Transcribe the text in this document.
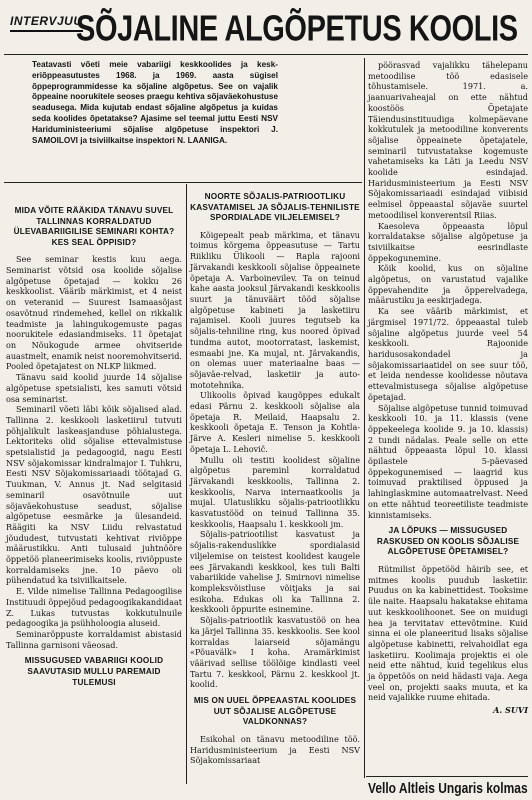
INTERVJUU
SÕJALINE ALGÕPETUS KOOLIS
Teatavasti võeti meie vabariigi keskkoolides ja kesk-eriõppeasutustes 1968. ja 1969. aasta sügisel õppeprogrammidesse ka sõjaline algõpetus. See on vajalik õppeaine noorukitele seoses praegu kehtiva sõjaväekohustuse seadusega. Mida kujutab endast sõjaline algõpetus ja kuidas seda koolides õpetatakse? Ajasime sel teemal juttu Eesti NSV Hariduministeeriumi sõjalise algõpetuse inspektori J. SAMOILOVI ja tsiviilkaitse inspektori N. LAANIGA.
MIDA VÕITE RÄÄKIDA TÄNAVU SUVEL TALLINNAS KORRALDATUD ÜLEVABARIIGILISE SEMINARI KOHTA? KES SEAL ÕPPISID?

See seminar kestis kuu aega. Seminarist võtsid osa koolide sõjalise algõpetuse õpetajad — kokku 26 keskkoolist. Väärib märkimist, et 4 neist on veteranid — Suurest Isamaasõjast osavõtnud rindemehed, kellel on rikkalik teadmiste ja lahingukogemuste pagas noorukitele edasiandmiseks. 11 õpetajat on Nõukogude armee ohvitseride auastmelt, enamik neist nooremohvitserid. Pooled õpetajatest on NLKP liikmed.

Tänavu said koolid juurde 14 sõjalise algõpetuse spetsialisti, kes samuti võtsid osa seminarist.

Seminaril võeti läbi kõik sõjalised alad. Tallinna 2. keskkooli lasketiirul tutvuti põhjalikult laskeasjanduse põhialustega. Lektoriteks olid sõjalise ettevalmistuse spetsialistid ja pedagoogid, nagu Eesti NSV sõjakomissar kindralmajor I. Tuhkru, Eesti NSV Sõjakomissariaadi töötajad G. Tuukman, V. Annus jt. Nad selgitasid seminaril osavõtnuile uut sõjaväekohustuse seadust, sõjalise algõpetuse eesmärke ja ülesandeid. Räägiti ka NSV Liidu relvastatud jõududest, tutvustati kehtivat riviõppe määrustikku. Anti tulusaid juhtnööre õppetöö planeerimiseks koolis, riviõppuste korraldamiseks jne. 10 päevo oli pühendatud ka tsiviilkaitsele.

E. Vilde nimelise Tallinna Pedagoogilise Instituudi õppejõud pedagoogikakandidaat Z. Lukas tutvustas kokkutulnuile pedagoogika ja psühholoogia aluseid.

Seminaröppuste korraldamist abistasid Tallinna garnisoni väeosad.

MISSUGUSED VABARIIGI KOOLID SAAVUTASID MULLU PAREMAID TULEMUSI
NOORTE SÕJALIS-PATRIOOTLIKU KASVATAMISEL JA SÕJALIS-TEHNILISTE SPORDIALADE VILJELEMISEL?

Kõigepealt peab märkima, et tänavu toimus kõrgema õppeasutuse — Tartu Riikliku Ülikooli — Rapla rajooni Järvakandi keskkooli sõjalise õppeainete õpetaja A. Varboinevilev. Ta on teinud kahe aasta jooksul Järvakandi keskkoolis suurt ja tänuväärt tööd sõjalise algõpetuse kabineti ja lasketiiru rajamisel. Kooli juures tegutseb ka sõjalis-tehniline ring, kus noored õpivad tundma autot, mootorratast, laskemist, esmaabi jne. Ka mujal, nt. Järvakandis, on olemas uuer materiaalne baas — sõjaväe-relvad, lasketiir ja auto-mototehnika.

Ulikoolis õpivad kaugõppes edukalt edasi Pärnu 2. keskkooli sõjalise ala õpetaja R. Meilaid, Haapsalu 2. keskkooli õpetaja E. Tenson ja Kohtla-Järve A. Kesleri nimelise 5. keskkooli õpetaja L. Lehovič.

Mullu oli testiti koolidest sõjaline algõpetus pareminl korraldatud Järvakandi keskkoolis, Tallinna 2. keskkoolis, Narva internaatkoolis ja mujal. Ulatuslikku sõjalis-patriootlikku kasvatustööd on teinud Tallinna 35. keskkoolis, Haapsalu 1. keskkooli jm.

Sõjalis-patriootilist kasvatust ja sõjalis-rakenduslikke spordialasid viljelemise on teistest koolidest kaugele ees Järvakandi keskkool, kes tuli Balti vabariikide vahelise J. Smirnovi nimelise kompleksvõistluse võitjaks ja sai esikoha. Edukas oli ka Tallinna 2. keskkooli õppurite esinemine.

Sõjalis-patriootlik kasvatustöö on hea ka järjel Tallinna 35. keskkoolis. See kool korraldas laiarseid sõjamängu «Põuavälk» I koha. Aramärkimist väärivad sellise töölõige kindlasti veel Tartu 7. keskkool, Pärnu 2. keskkool jt. koolid.

MIS ON UUEL ÕPPEAASTAL KOOLIDES UUT SÕJALISE ALGÕPETUSE VALDKONNAS?

Esikohal on tänavu metoodiline töö. Haridusministeerium ja Eesti NSV Sõjakomissariaat

pöörasvad vajalikku tähelepanu metoodilise töö edasisele tõhustamisele. 1971. a. jaanuarivaheajal on ette nähtud koostöös Õpetajate Täiendusinstituudiga kolmepäevane kokkutulek ja metoodiline konverents sõjalise õppeainete õpetajatele, seminaril tutvustatakse kogemuste vahetamiseks ka Läti ja Leedu NSV koolide esindajad. Haridusministeerium ja Eesti NSV Sõjakomissariaadi esindajad viibisid eelmisel õppeaastal sõjaväe suurtel metoodilisel konverentsil Riias.

Kaesoleva õppeaasta lõpul korraldatakse sõjalise algõpetuse ja tsiviilkaitse eesrindlaste õppekogunemine.

Kõik koolid, kus on sõjaline algõpetus, on varustatud vajalike õppevahendite ja õpperelvadega, määrustiku ja eeskirjadega.

Ka see väärib märkimist, et järgmisel 1971/72. õppeaastal tuleb sõjaline algõpetus juurde veel 54 keskkooli. Rajoonide haridusosakondadel ja sõjakomissariaatidel on see suur töö, et leida nendesse koolidesse nõutava ettevalmistusega sõjalise algõpetuse õpetajad.

Sõjalise algõpetuse tunnid toimuvad keskkooli 10. ja 11. klassis (vene õppekeelega koolide 9. ja 10. klassis) 2 tundi nädalas. Peale selle on ette nähtud õppeaasta lõpul 10. klassi õpilastele 5-päevased õppekogunemised — laagrid kus toimuvad praktilised õppused ja lahinglaskmine automaatrelvast. Need on ette nähtud teoreetiliste teadmiste kinnistamiseks.

JA LÕPUKS — MISSUGUSED RASKUSED ON KOOLIS SÕJALISE ALGÕPETUSE ÕPETAMISEL?

Rütmilist õppetööd häirib see, et mitmes koolis puudub lasketiir. Puudus on ka kabinettidest. Tooksime üle naite. Haapsalu hakatakse ehitama uut keskkoolihoonet. See on muidugi hea ja tervitatav ettevõtmine. Kuid sinna ei ole planeeritud lisaks sõjalise algõpetuse kabinetti, relvahoidlat ega lasketiiru. Koolimaja projektis ei ole neid ette nähtud, kuid tegelikus elus ja õppetöös on neid hädasti vaja. Aega veel on, projekti saaks muuta, et ka neid vajalikke ruume ehitada.

A. SUVI
Vello Altleis Ungaris kolmas
